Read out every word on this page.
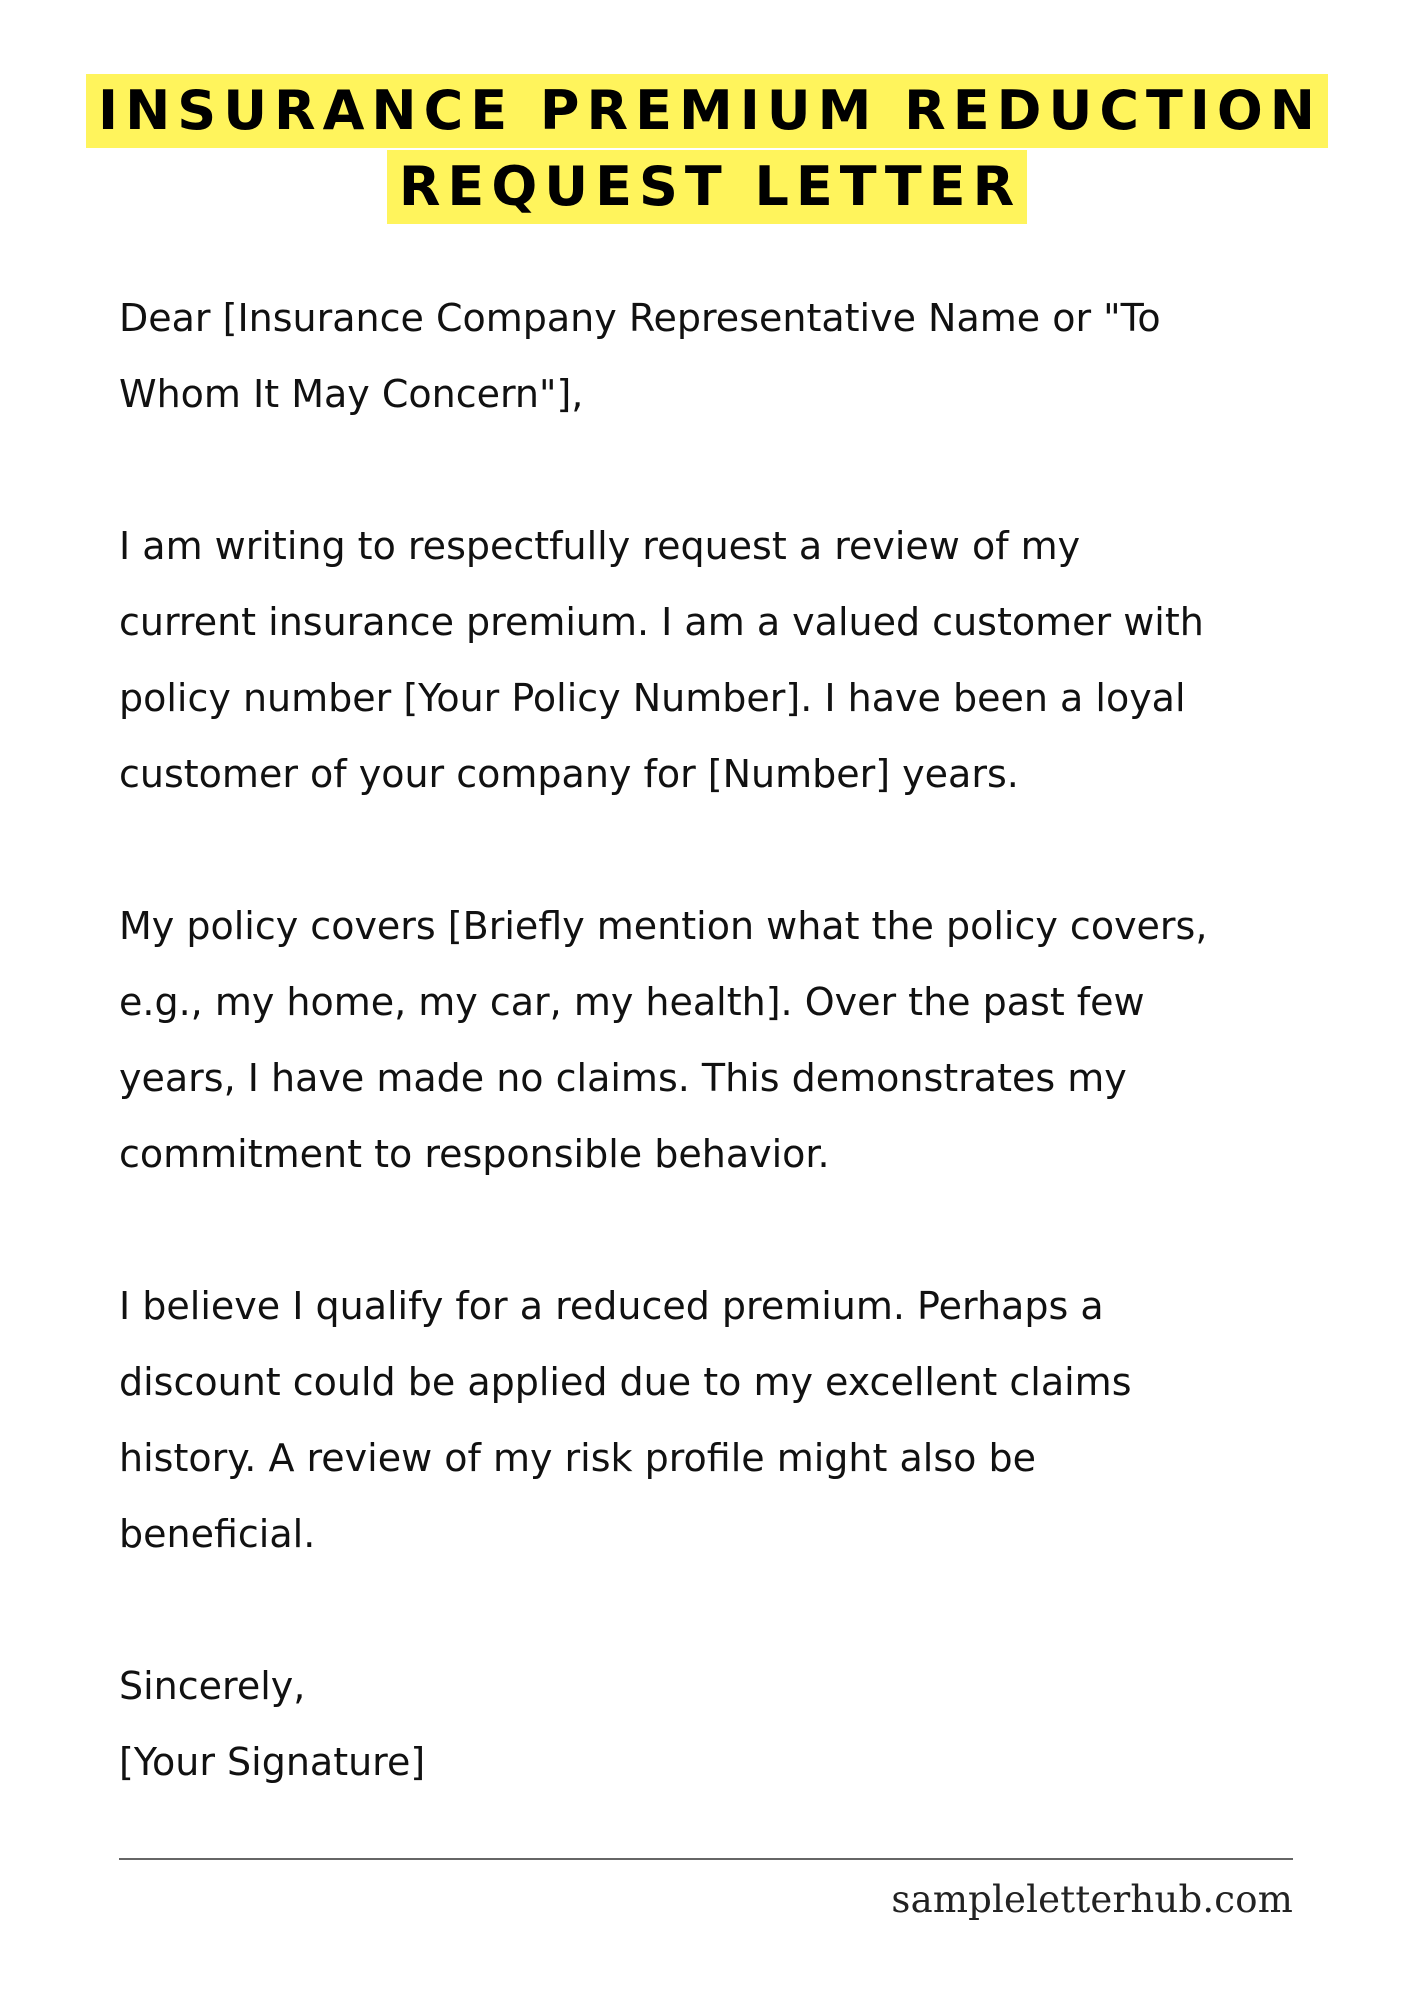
INSURANCE PREMIUM REDUCTION
REQUEST LETTER

Dear [Insurance Company Representative Name or "To
Whom It May Concern"],

I am writing to respectfully request a review of my
current insurance premium. I am a valued customer with
policy number [Your Policy Number]. I have been a loyal
customer of your company for [Number] years.

My policy covers [Briefly mention what the policy covers,
e.g., my home, my car, my health]. Over the past few
years, I have made no claims. This demonstrates my
commitment to responsible behavior.

I believe I qualify for a reduced premium. Perhaps a
discount could be applied due to my excellent claims
history. A review of my risk profile might also be
beneficial.

Sincerely,
[Your Signature]
sampleletterhub.com
